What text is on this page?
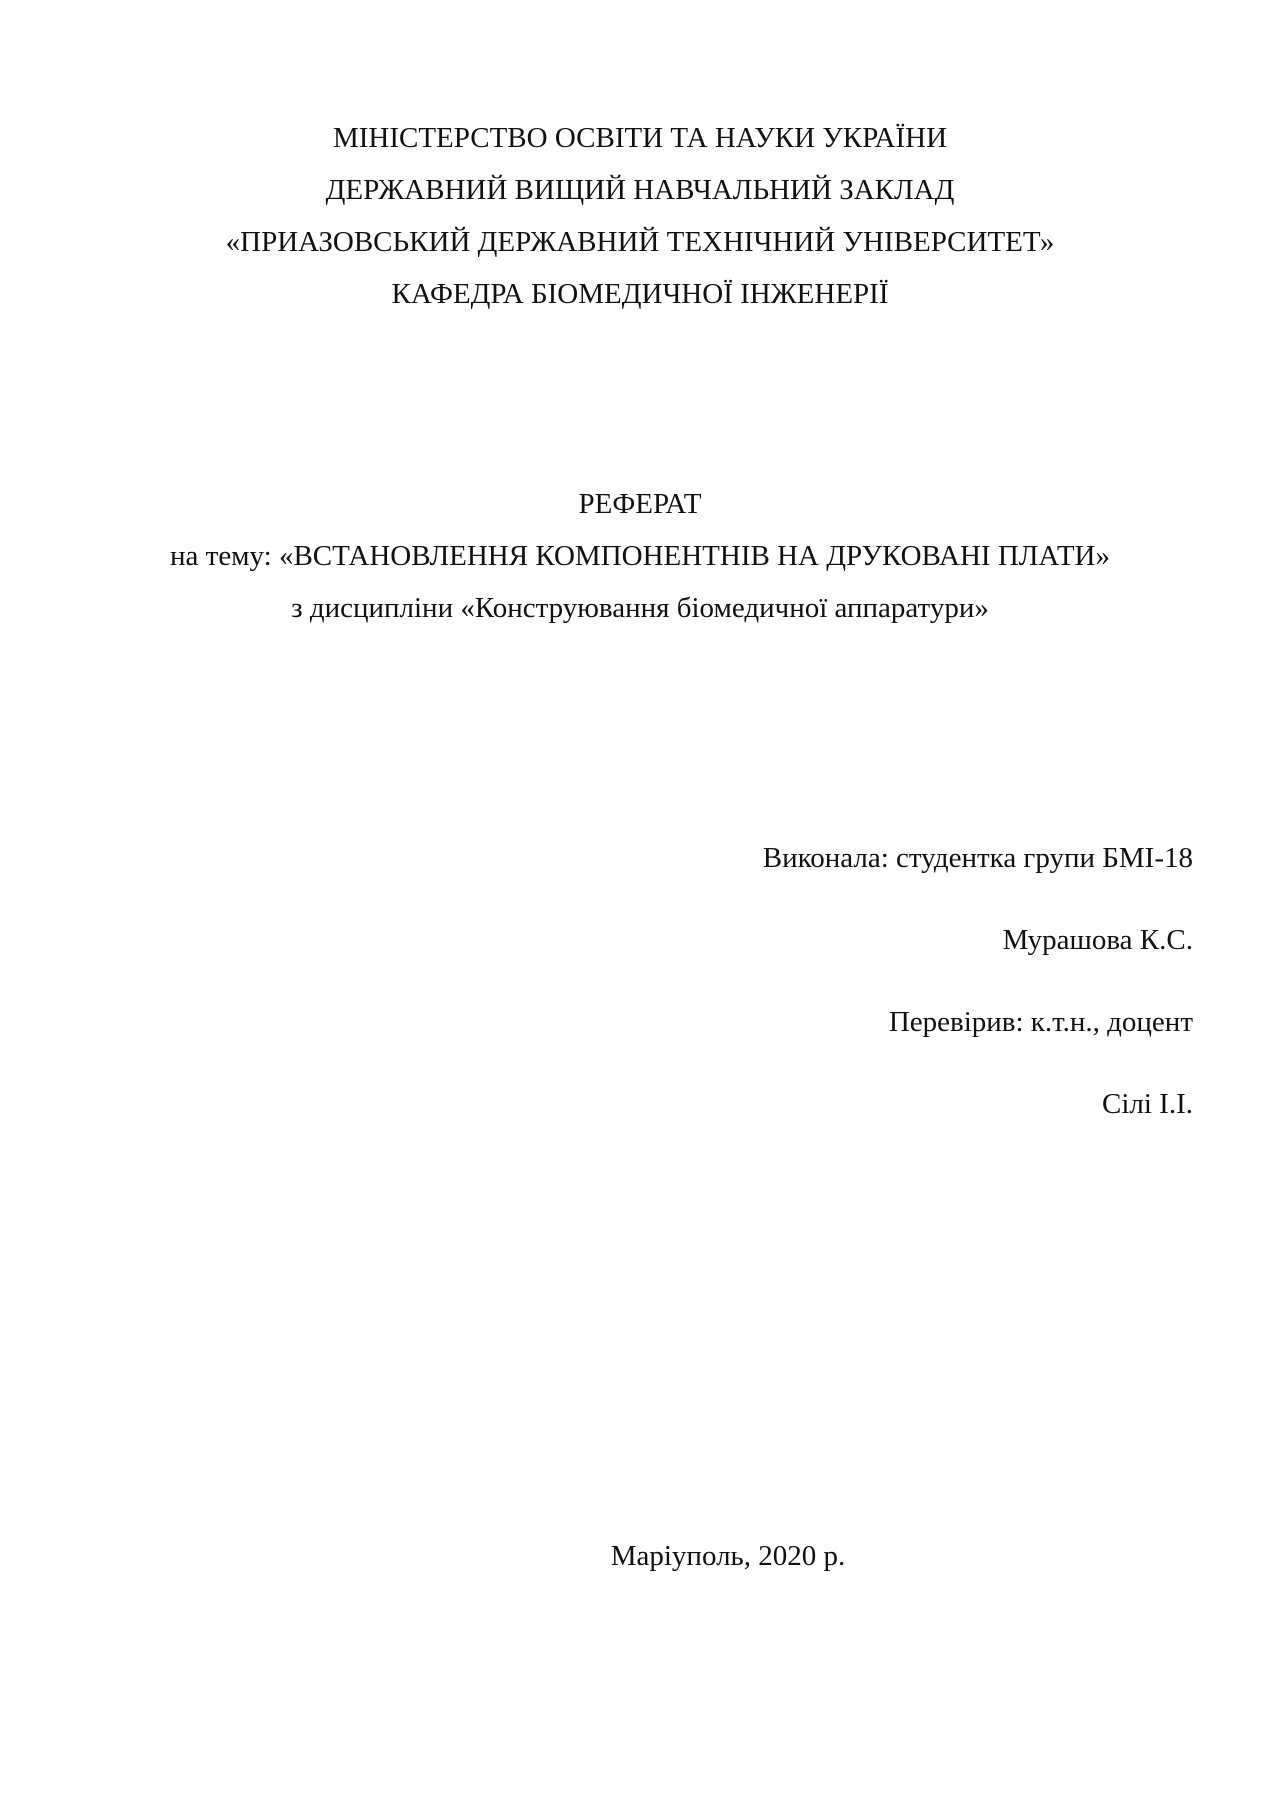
МІНІСТЕРСТВО ОСВІТИ ТА НАУКИ УКРАЇНИ
ДЕРЖАВНИЙ ВИЩИЙ НАВЧАЛЬНИЙ ЗАКЛАД
«ПРИАЗОВСЬКИЙ ДЕРЖАВНИЙ ТЕХНІЧНИЙ УНІВЕРСИТЕТ»
КАФЕДРА БІОМЕДИЧНОЇ ІНЖЕНЕРІЇ
РЕФЕРАТ
на тему: «ВСТАНОВЛЕННЯ КОМПОНЕНТНІВ НА ДРУКОВАНІ ПЛАТИ»
з дисципліни «Конструювання біомедичної аппаратури»
Виконала: студентка групи БМІ-18
Мурашова К.С.
Перевірив: к.т.н., доцент
Сілі І.І.
Маріуполь, 2020 р.
